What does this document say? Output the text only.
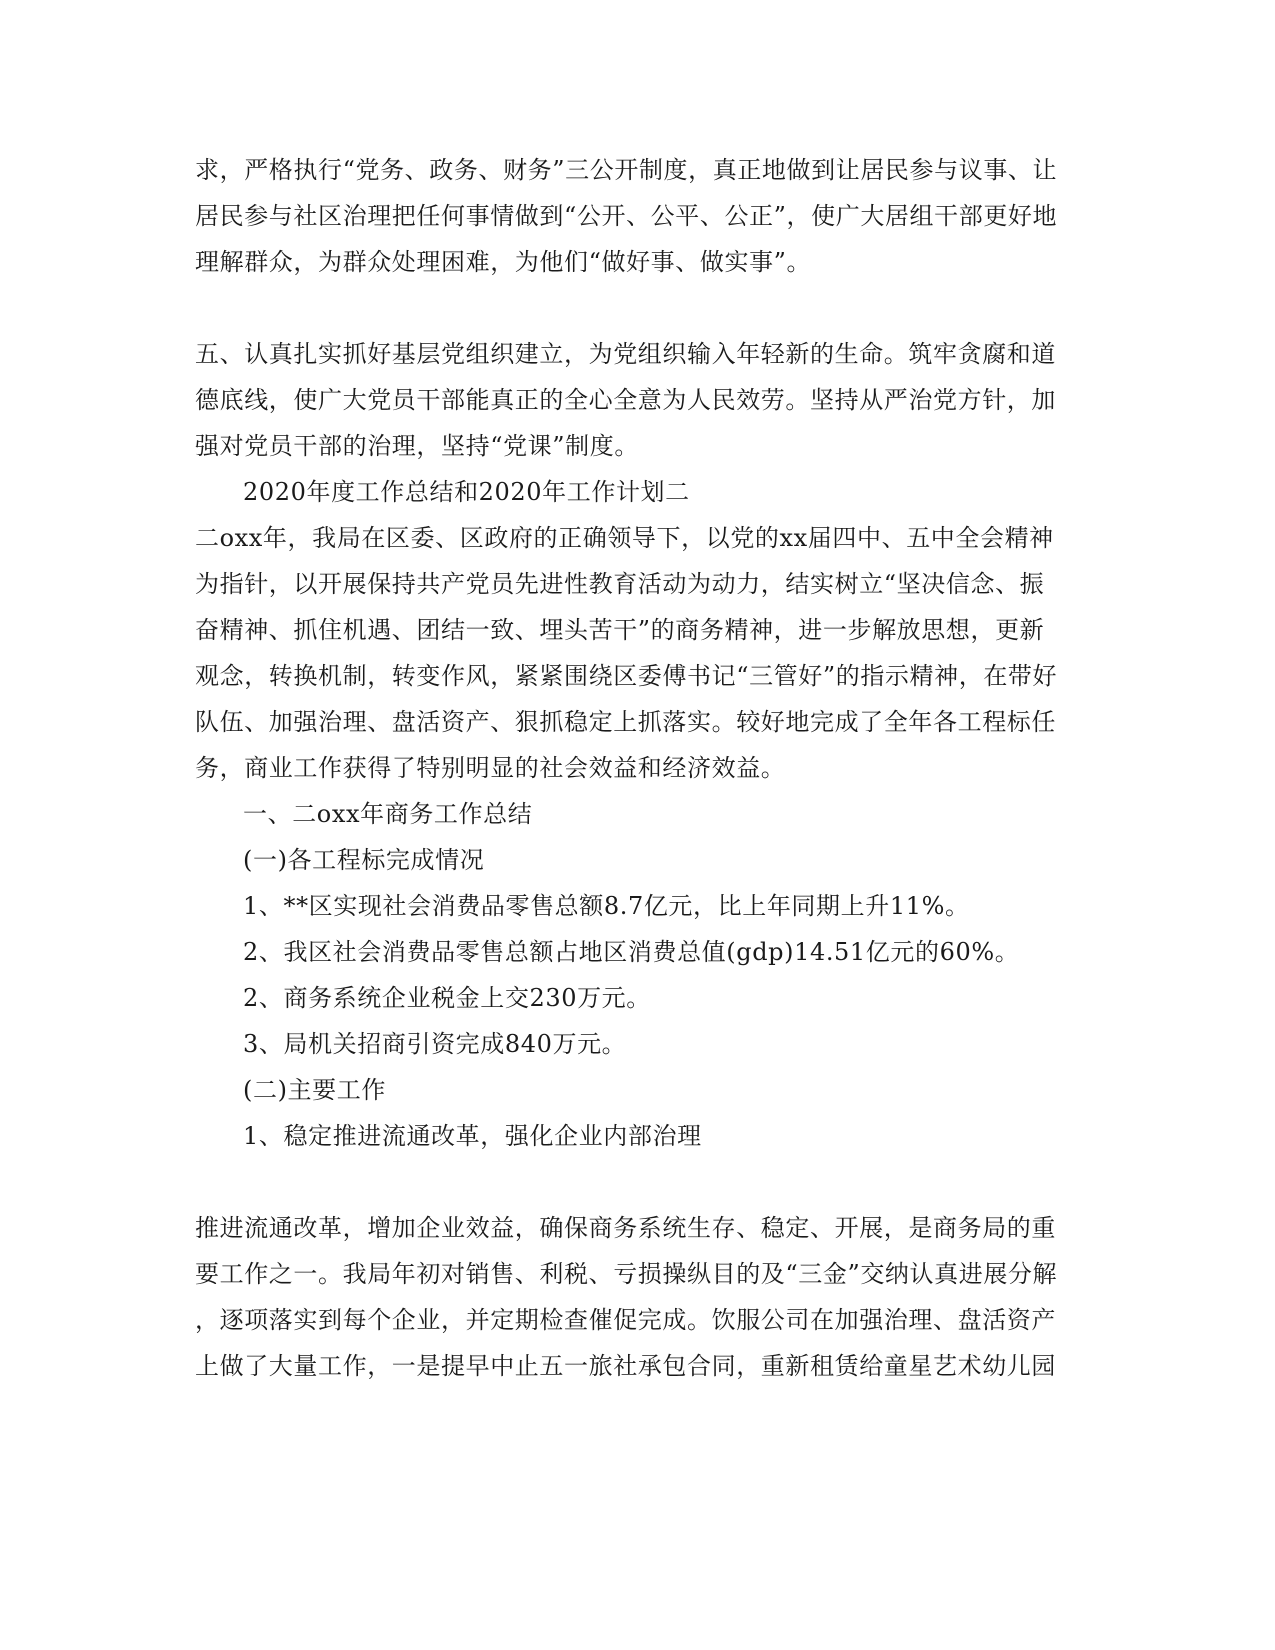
求，严格执行“党务、政务、财务”三公开制度，真正地做到让居民参与议事、让

居民参与社区治理把任何事情做到“公开、公平、公正”，使广大居组干部更好地

理解群众，为群众处理困难，为他们“做好事、做实事”。

五、认真扎实抓好基层党组织建立，为党组织输入年轻新的生命。筑牢贪腐和道

德底线，使广大党员干部能真正的全心全意为人民效劳。坚持从严治党方针，加

强对党员干部的治理，坚持“党课”制度。

2020年度工作总结和2020年工作计划二

二oxx年，我局在区委、区政府的正确领导下，以党的xx届四中、五中全会精神

为指针，以开展保持共产党员先进性教育活动为动力，结实树立“坚决信念、振

奋精神、抓住机遇、团结一致、埋头苦干”的商务精神，进一步解放思想，更新

观念，转换机制，转变作风，紧紧围绕区委傅书记“三管好”的指示精神，在带好

队伍、加强治理、盘活资产、狠抓稳定上抓落实。较好地完成了全年各工程标任

务，商业工作获得了特别明显的社会效益和经济效益。

一、二oxx年商务工作总结

(一)各工程标完成情况

1、**区实现社会消费品零售总额8.7亿元，比上年同期上升11%。

2、我区社会消费品零售总额占地区消费总值(gdp)14.51亿元的60%。

2、商务系统企业税金上交230万元。

3、局机关招商引资完成840万元。

(二)主要工作

1、稳定推进流通改革，强化企业内部治理

推进流通改革，增加企业效益，确保商务系统生存、稳定、开展，是商务局的重

要工作之一。我局年初对销售、利税、亏损操纵目的及“三金”交纳认真进展分解

，逐项落实到每个企业，并定期检查催促完成。饮服公司在加强治理、盘活资产

上做了大量工作，一是提早中止五一旅社承包合同，重新租赁给童星艺术幼儿园
